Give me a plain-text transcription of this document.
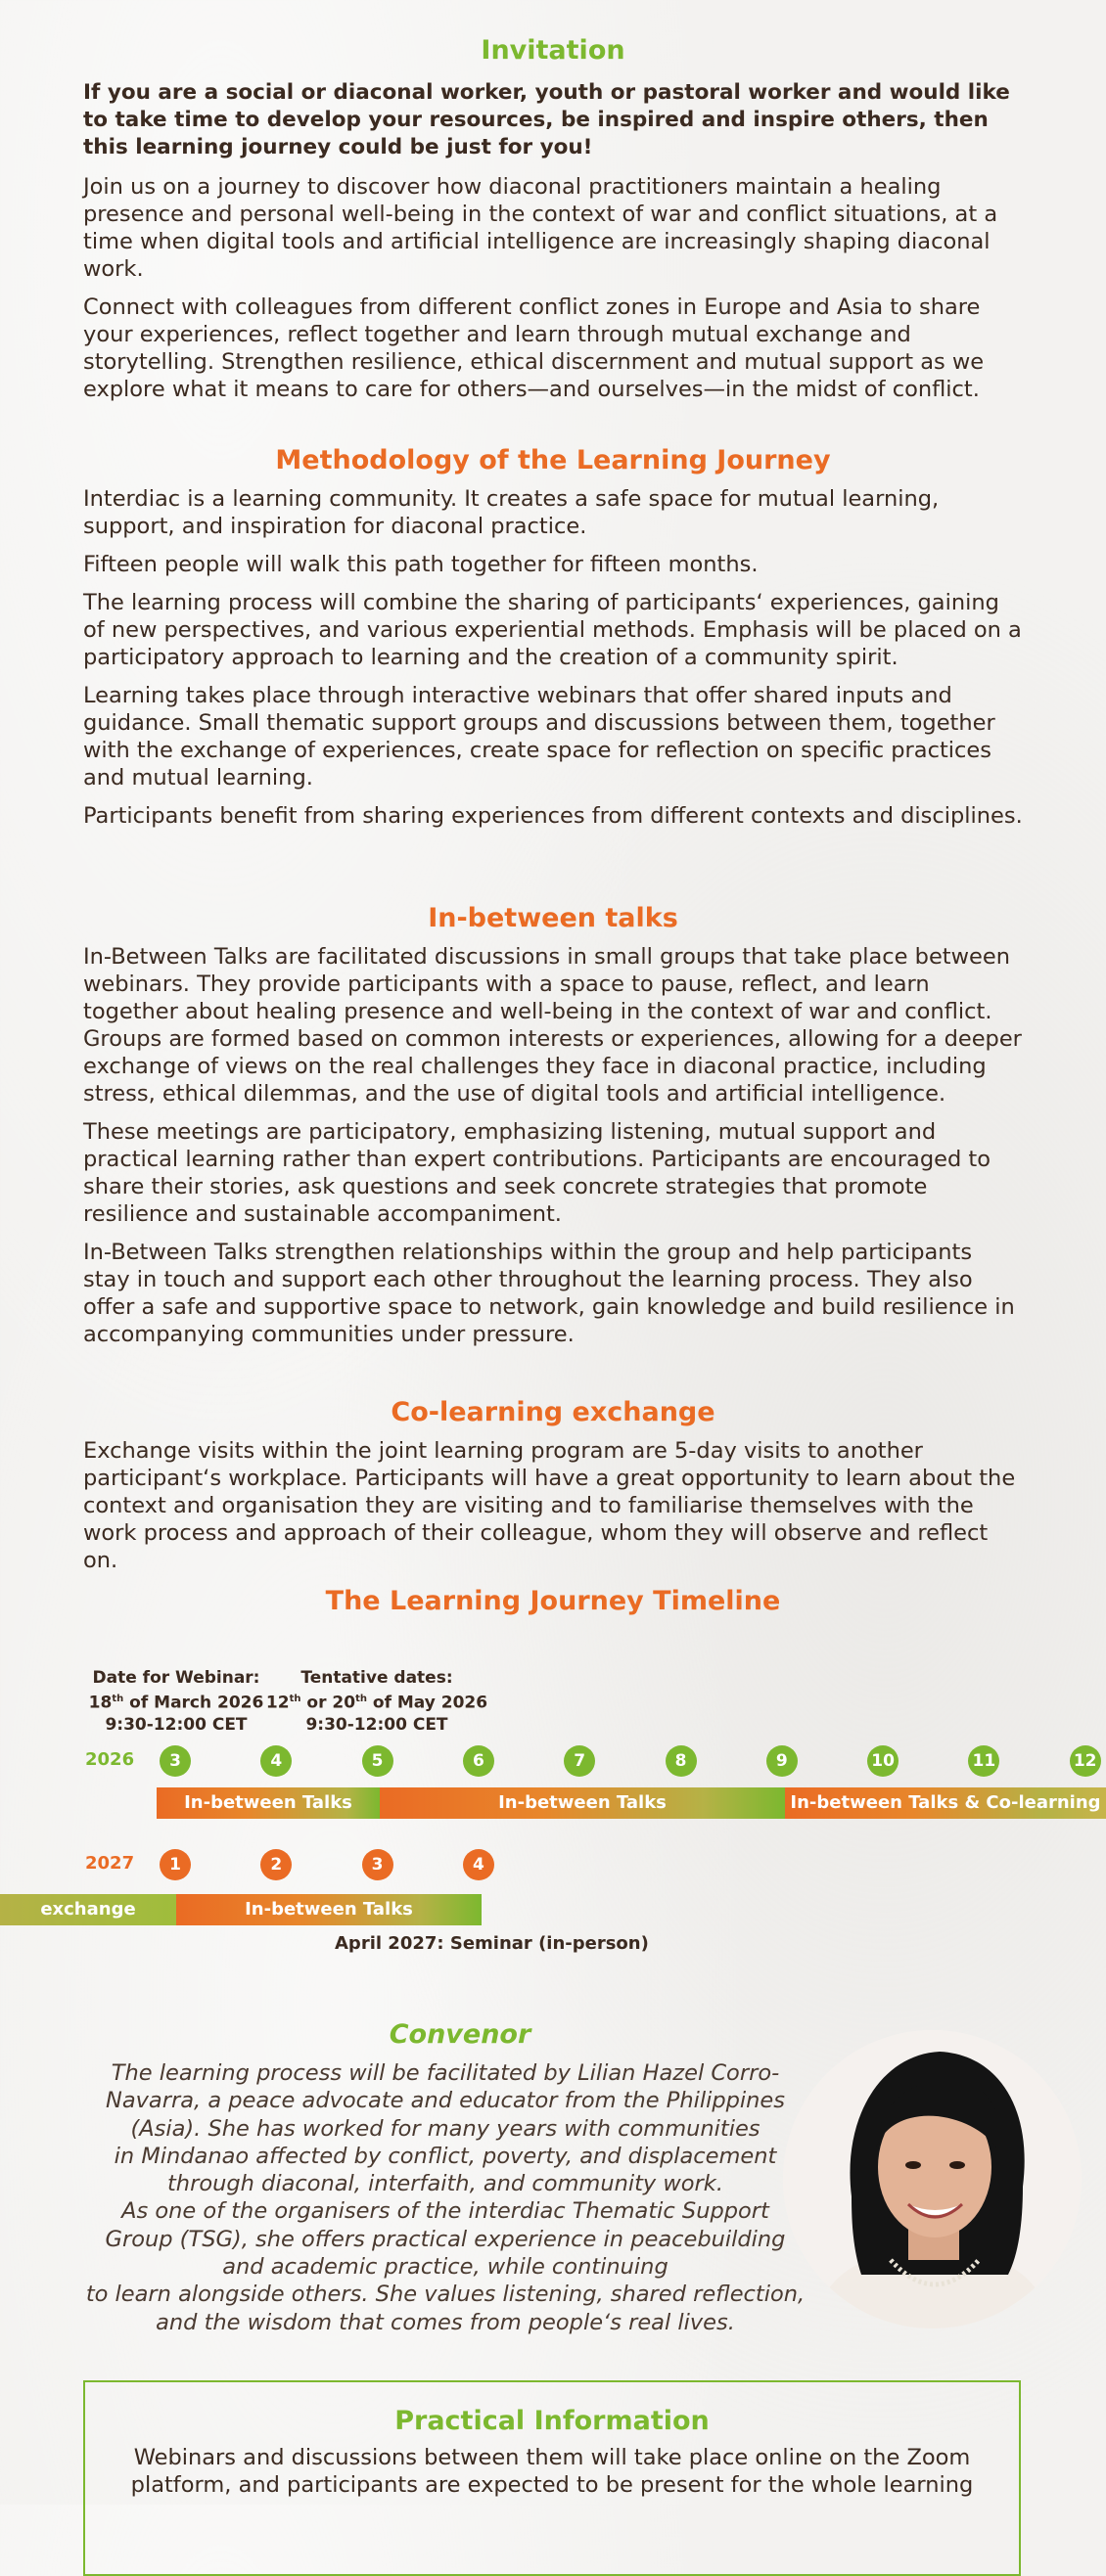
Invitation

If you are a social or diaconal worker, youth or pastoral worker and would like to take time to develop your resources, be inspired and inspire others, then this learning journey could be just for you!

Join us on a journey to discover how diaconal practitioners maintain a healing presence and personal well-being in the context of war and conflict situations, at a time when digital tools and artificial intelligence are increasingly shaping diaconal work.

Connect with colleagues from different conflict zones in Europe and Asia to share your experiences, reflect together and learn through mutual exchange and storytelling. Strengthen resilience, ethical discernment and mutual support as we explore what it means to care for others—and ourselves—in the midst of conflict.

Methodology of the Learning Journey

Interdiac is a learning community. It creates a safe space for mutual learning, support, and inspiration for diaconal practice.

Fifteen people will walk this path together for fifteen months.

The learning process will combine the sharing of participants‘ experiences, gaining of new perspectives, and various experiential methods. Emphasis will be placed on a participatory approach to learning and the creation of a community spirit.

Learning takes place through interactive webinars that offer shared inputs and guidance. Small thematic support groups and discussions between them, together with the exchange of experiences, create space for reflection on specific practices and mutual learning.

Participants benefit from sharing experiences from different contexts and disciplines.

In-between talks

In-Between Talks are facilitated discussions in small groups that take place between webinars. They provide participants with a space to pause, reflect, and learn together about healing presence and well-being in the context of war and conflict. Groups are formed based on common interests or experiences, allowing for a deeper exchange of views on the real challenges they face in diaconal practice, including stress, ethical dilemmas, and the use of digital tools and artificial intelligence.

These meetings are participatory, emphasizing listening, mutual support and practical learning rather than expert contributions. Participants are encouraged to share their stories, ask questions and seek concrete strategies that promote resilience and sustainable accompaniment.

In-Between Talks strengthen relationships within the group and help participants stay in touch and support each other throughout the learning process. They also offer a safe and supportive space to network, gain knowledge and build resilience in accompanying communities under pressure.

Co-learning exchange

Exchange visits within the joint learning program are 5-day visits to another participant‘s workplace. Participants will have a great opportunity to learn about the context and organisation they are visiting and to familiarise themselves with the work process and approach of their colleague, whom they will observe and reflect on.

The Learning Journey Timeline
Date for Webinar:
18th of March 2026
9:30-12:00 CET
Tentative dates:
12th or 20th of May 2026
9:30-12:00 CET
2026
In-between Talks	In-between Talks	In-between Talks & Co-learning
2027
exchange	In-between Talks
April 2027: Seminar (in-person)
3	4	5	6	7	8	9	10	11	12
1	2	3	4
Convenor

The learning process will be facilitated by Lilian Hazel Corro-

Navarra, a peace advocate and educator from the Philippines

(Asia). She has worked for many years with communities

in Mindanao affected by conflict, poverty, and displacement

through diaconal, interfaith, and community work.

As one of the organisers of the interdiac Thematic Support

Group (TSG), she offers practical experience in peacebuilding

and academic practice, while continuing

to learn alongside others. She values listening, shared reflection,

and the wisdom that comes from people‘s real lives.

Practical Information

Webinars and discussions between them will take place online on the Zoom

platform, and participants are expected to be present for the whole learning
